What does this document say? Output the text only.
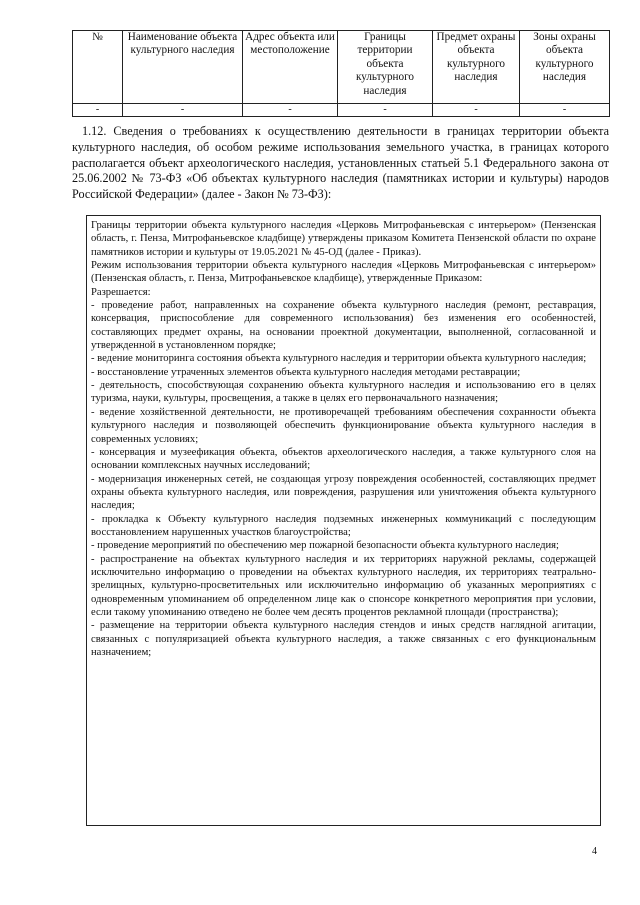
№	Наименование объекта культурного наследия	Адрес объекта или местоположение	Границы территории объекта культурного наследия	Предмет охраны объекта культурного наследия	Зоны охраны объекта культурного наследия
-	-	-	-	-	-

1.12. Сведения о требованиях к осуществлению деятельности в границах территории объекта культурного наследия, об особом режиме использования земельного участка, в границах которого располагается объект археологического наследия, установленных статьей 5.1 Федерального закона от 25.06.2002 № 73-ФЗ «Об объектах культурного наследия (памятниках истории и культуры) народов Российской Федерации» (далее - Закон № 73-ФЗ):

Границы территории объекта культурного наследия «Церковь Митрофаньевская с интерьером» (Пензенская область, г. Пенза, Митрофаньевское кладбище) утверждены приказом Комитета Пензенской области по охране памятников истории и культуры от 19.05.2021 № 45-ОД (далее - Приказ).

Режим использования территории объекта культурного наследия «Церковь Митрофаньевская с интерьером» (Пензенская область, г. Пенза, Митрофаньевское кладбище), утвержденные Приказом:

Разрешается:

- проведение работ, направленных на сохранение объекта культурного наследия (ремонт, реставрация, консервация, приспособление для современного использования) без изменения его особенностей, составляющих предмет охраны, на основании проектной документации, выполненной, согласованной и утвержденной в установленном порядке;

- ведение мониторинга состояния объекта культурного наследия и территории объекта культурного наследия;

- восстановление утраченных элементов объекта культурного наследия методами реставрации;

- деятельность, способствующая сохранению объекта культурного наследия и использованию его в целях туризма, науки, культуры, просвещения, а также в целях его первоначального назначения;

- ведение хозяйственной деятельности, не противоречащей требованиям обеспечения сохранности объекта культурного наследия и позволяющей обеспечить функционирование объекта культурного наследия в современных условиях;

- консервация и музеефикация объекта, объектов археологического наследия, а также культурного слоя на основании комплексных научных исследований;

- модернизация инженерных сетей, не создающая угрозу повреждения особенностей, составляющих предмет охраны объекта культурного наследия, или повреждения, разрушения или уничтожения объекта культурного наследия;

- прокладка к Объекту культурного наследия подземных инженерных коммуникаций с последующим восстановлением нарушенных участков благоустройства;

- проведение мероприятий по обеспечению мер пожарной безопасности объекта культурного наследия;

- распространение на объектах культурного наследия и их территориях наружной рекламы, содержащей исключительно информацию о проведении на объектах культурного наследия, их территориях театрально-зрелищных, культурно-просветительных или исключительно информацию об указанных мероприятиях с одновременным упоминанием об определенном лице как о спонсоре конкретного мероприятия при условии, если такому упоминанию отведено не более чем десять процентов рекламной площади (пространства);

- размещение на территории объекта культурного наследия стендов и иных средств наглядной агитации, связанных с популяризацией объекта культурного наследия, а также связанных с его функциональным назначением;

4
